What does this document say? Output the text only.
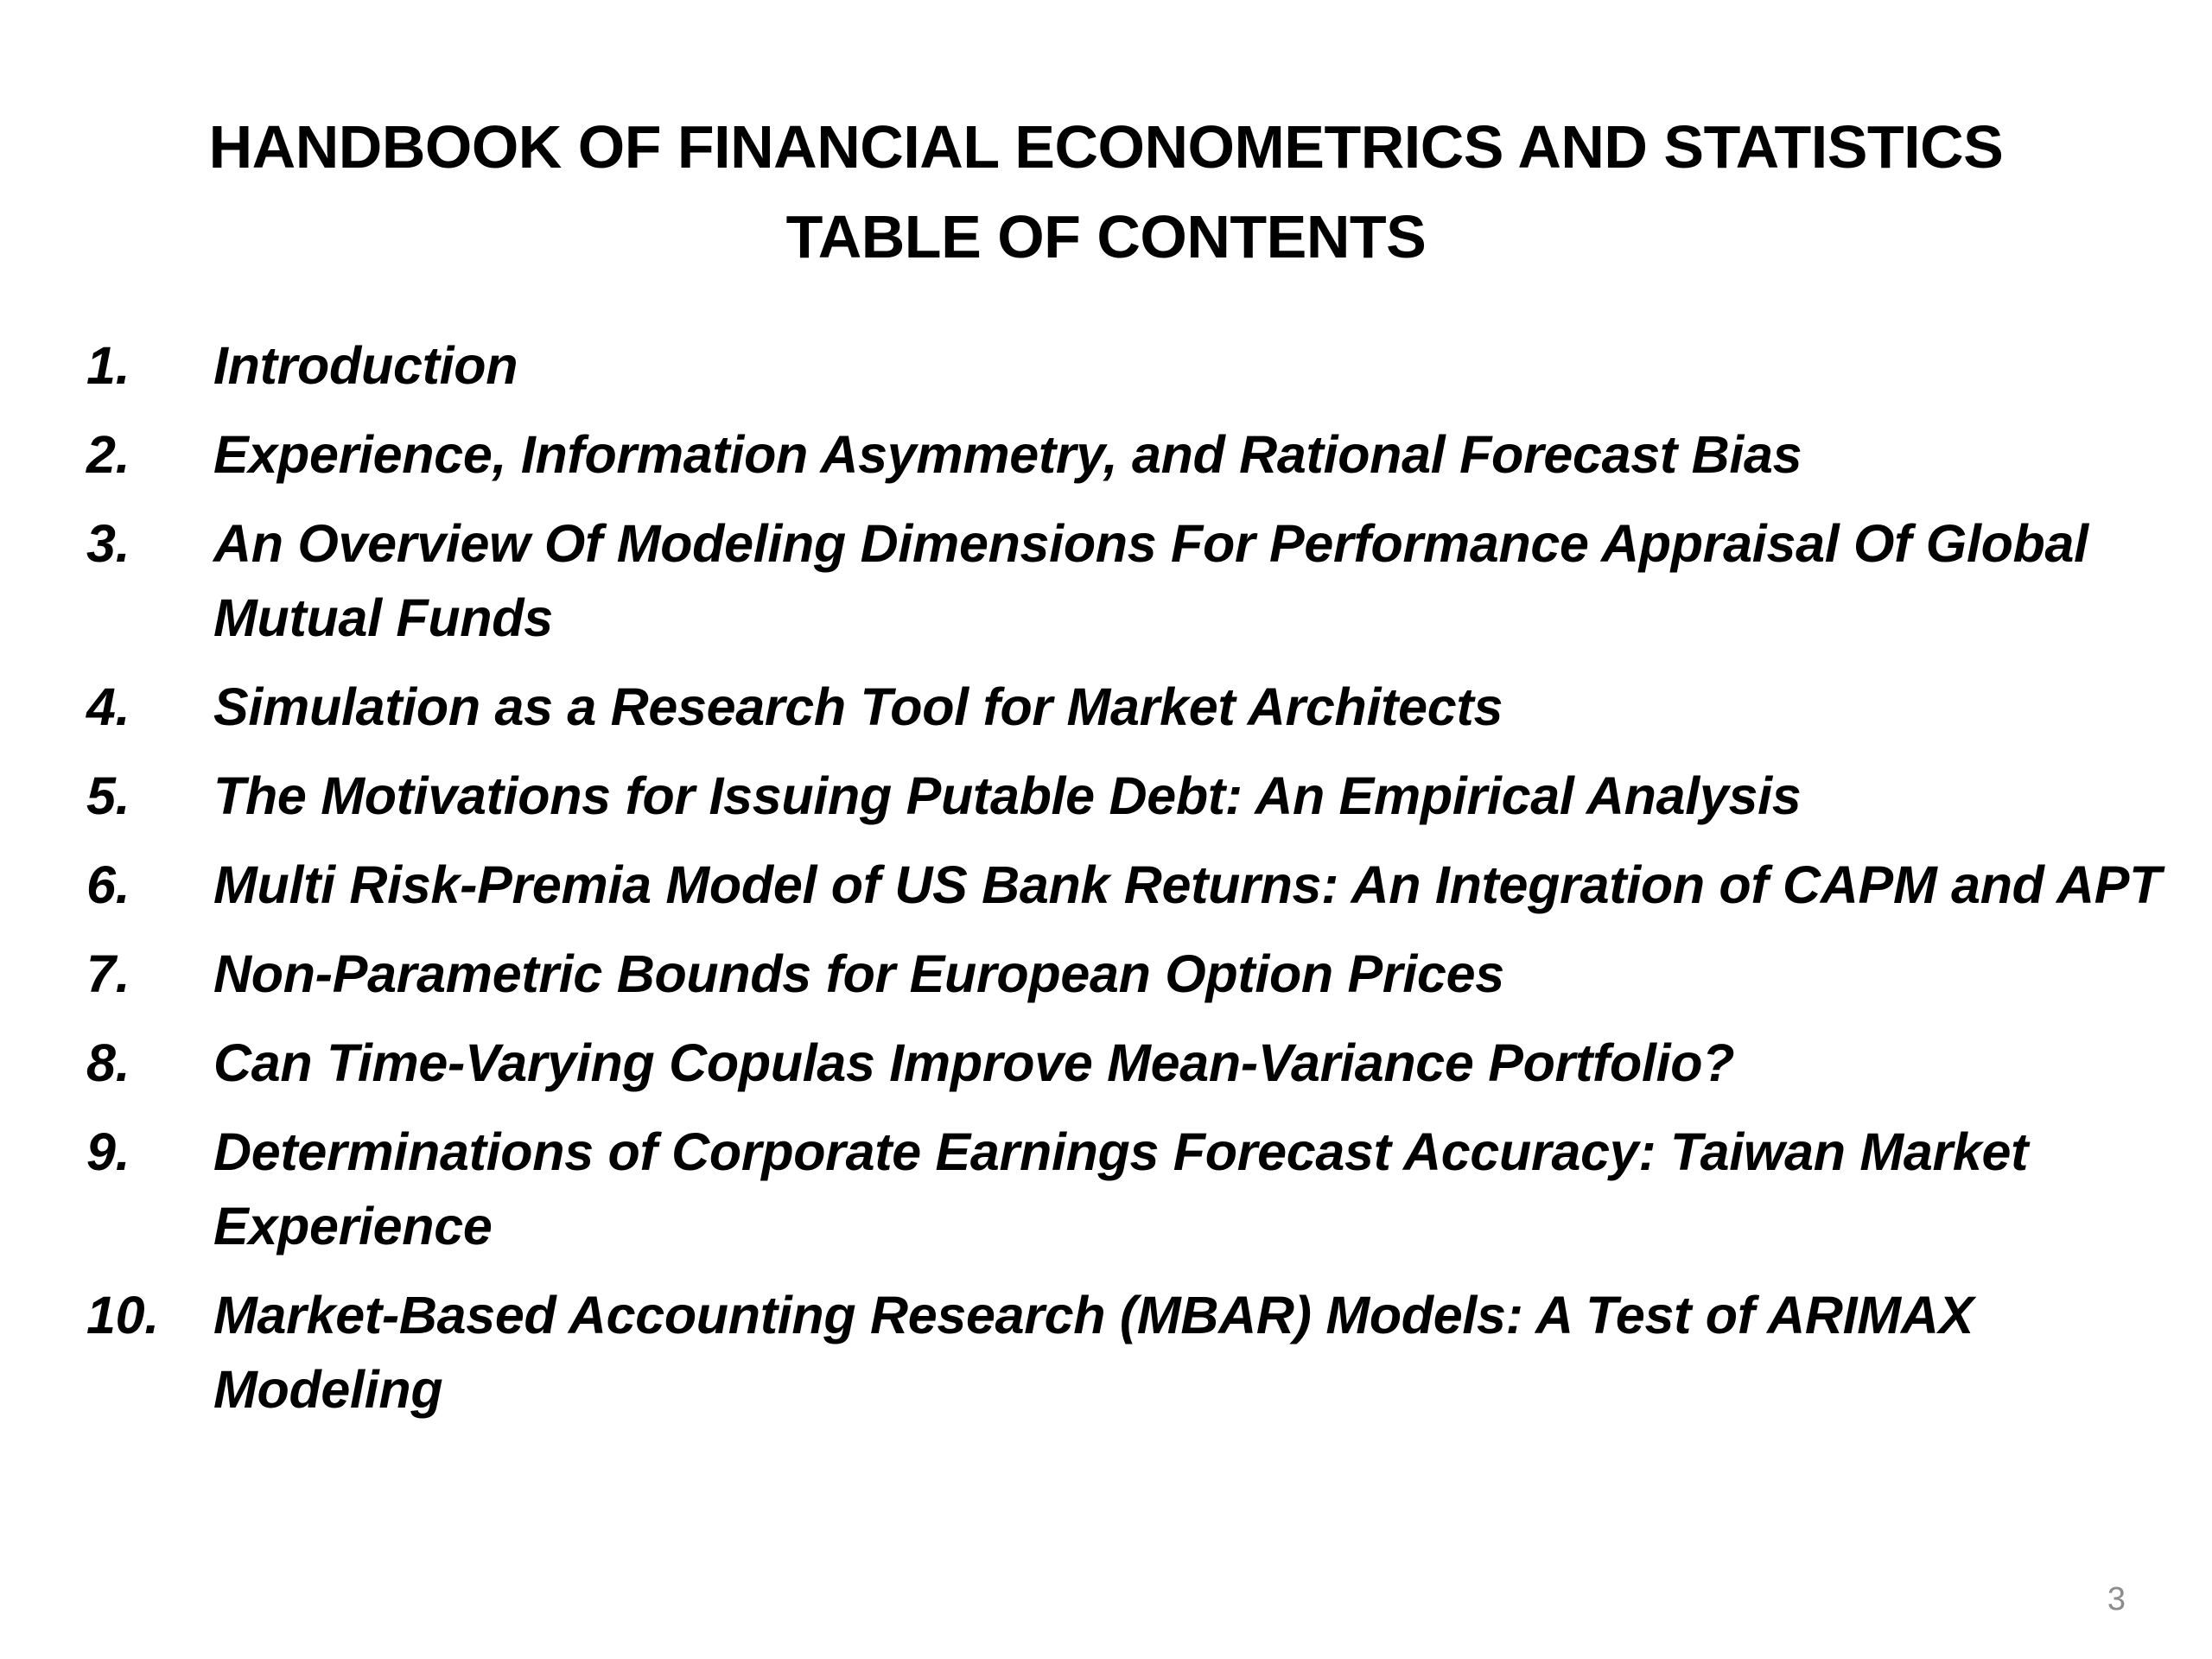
HANDBOOK OF FINANCIAL ECONOMETRICS AND STATISTICS
TABLE OF CONTENTS
1.	Introduction
2.	Experience, Information Asymmetry, and Rational Forecast Bias
3.	An Overview Of Modeling Dimensions For Performance Appraisal Of Global Mutual Funds
4.	Simulation as a Research Tool for Market Architects
5.	The Motivations for Issuing Putable Debt: An Empirical Analysis
6.	Multi Risk-Premia Model of US Bank Returns: An Integration of CAPM and APT
7.	Non-Parametric Bounds for European Option Prices
8.	Can Time-Varying Copulas Improve Mean-Variance Portfolio?
9.	Determinations of Corporate Earnings Forecast Accuracy: Taiwan Market Experience
10.	Market-Based Accounting Research (MBAR) Models: A Test of ARIMAX Modeling
3
